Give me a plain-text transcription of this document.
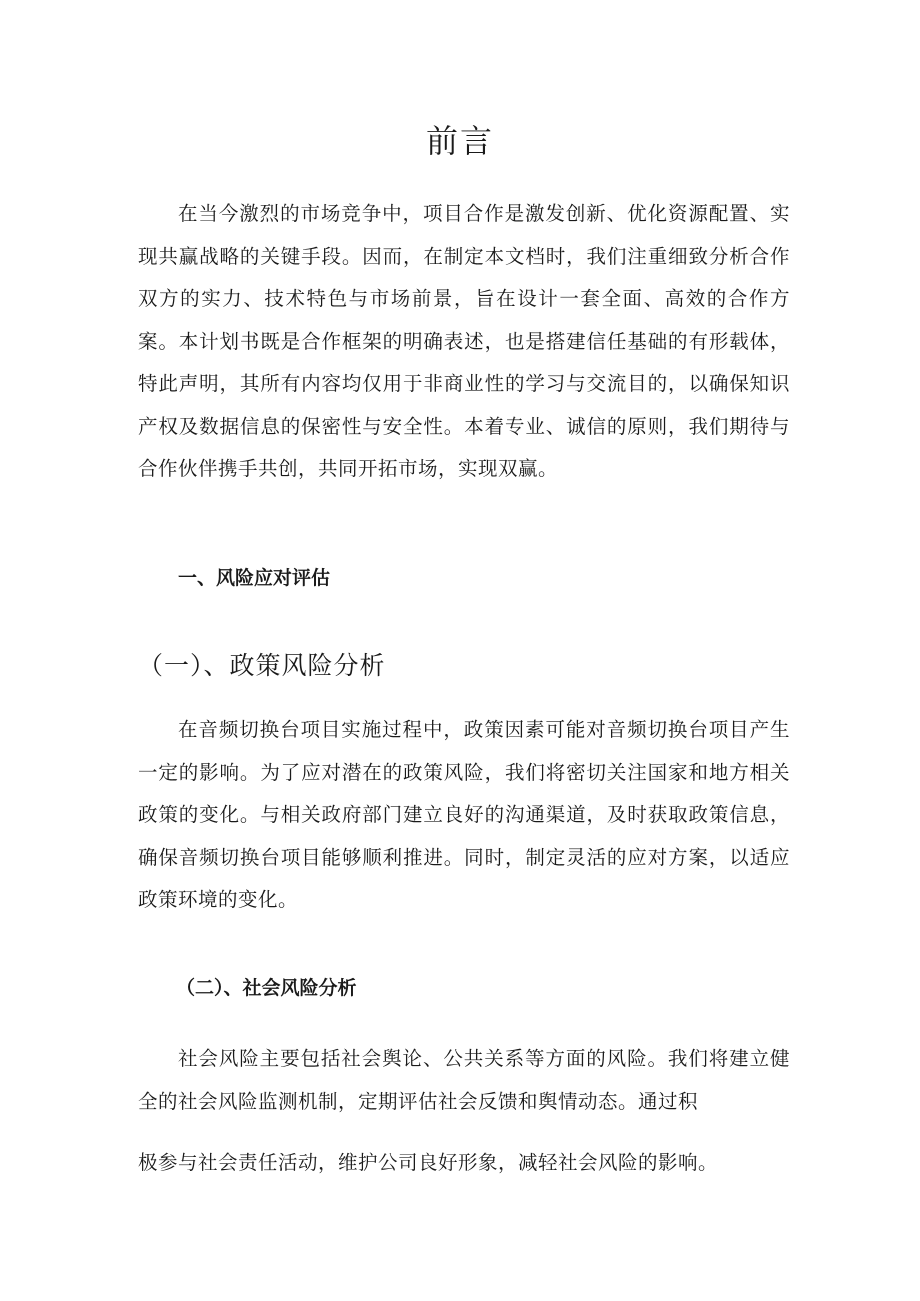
前言

在当今激烈的市场竞争中，项目合作是激发创新、优化资源配置、实现共赢战略的关键手段。因而，在制定本文档时，我们注重细致分析合作双方的实力、技术特色与市场前景，旨在设计一套全面、高效的合作方案。本计划书既是合作框架的明确表述，也是搭建信任基础的有形载体，特此声明，其所有内容均仅用于非商业性的学习与交流目的，以确保知识产权及数据信息的保密性与安全性。本着专业、诚信的原则，我们期待与合作伙伴携手共创，共同开拓市场，实现双赢。

一、风险应对评估
（一）、政策风险分析

在音频切换台项目实施过程中，政策因素可能对音频切换台项目产生一定的影响。为了应对潜在的政策风险，我们将密切关注国家和地方相关政策的变化。与相关政府部门建立良好的沟通渠道，及时获取政策信息，确保音频切换台项目能够顺利推进。同时，制定灵活的应对方案，以适应政策环境的变化。

（二）、社会风险分析

社会风险主要包括社会舆论、公共关系等方面的风险。我们将建立健全的社会风险监测机制，定期评估社会反馈和舆情动态。通过积

极参与社会责任活动，维护公司良好形象，减轻社会风险的影响。
